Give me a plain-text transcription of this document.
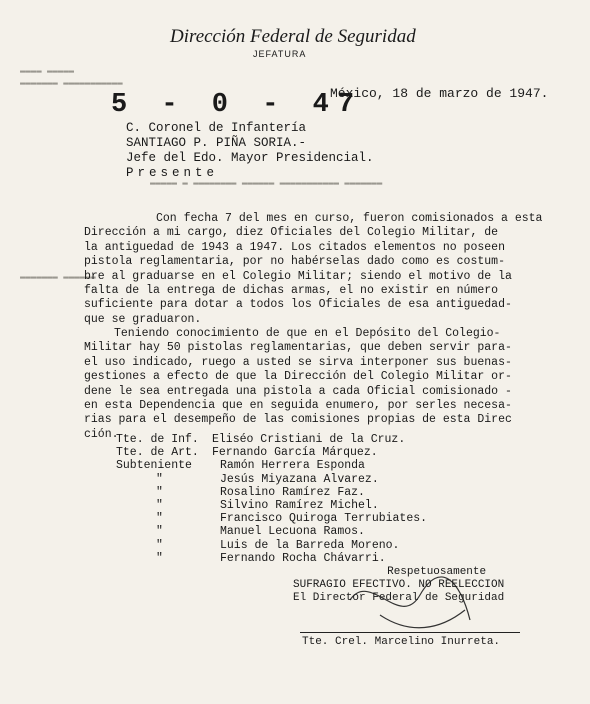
▬▬▬▬ ▬▬▬▬▬
▬▬▬▬▬▬▬ ▬▬▬▬▬▬▬▬▬▬▬
▬▬▬▬▬ ▬ ▬▬▬▬▬▬▬▬ ▬▬▬▬▬▬ ▬▬▬▬▬▬▬▬▬▬▬ ▬▬▬▬▬▬▬
▬▬▬▬▬▬▬ ▬▬▬▬▬▬
Dirección Federal de Seguridad
JEFATURA
5 - 0 - 47
México, 18 de marzo de 1947.
C. Coronel de Infantería
SANTIAGO P. PIÑA SORIA.-
Jefe del Edo. Mayor Presidencial.
Presente
Con fecha 7 del mes en curso, fueron comisionados a esta
Dirección a mi cargo, diez Oficiales del Colegio Militar, de
la antiguedad de 1943 a 1947. Los citados elementos no poseen
pistola reglamentaria, por no habérselas dado como es costum-
bre al graduarse en el Colegio Militar; siendo el motivo de la
falta de la entrega de dichas armas, el no existir en número
suficiente para dotar a todos los Oficiales de esa antiguedad-
que se graduaron.
Teniendo conocimiento de que en el Depósito del Colegio-
Militar hay 50 pistolas reglamentarias, que deben servir para-
el uso indicado, ruego a usted se sirva interponer sus buenas-
gestiones a efecto de que la Dirección del Colegio Militar or-
dene le sea entregada una pistola a cada Oficial comisionado -
en esta Dependencia que en seguida enumero, por serles necesa-
rias para el desempeño de las comisiones propias de esta Direc
ción.
Tte. de Inf.	Eliséo Cristiani de la Cruz.
Tte. de Art.	Fernando García Márquez.
Subteniente	Ramón Herrera Esponda
"	Jesús Miyazana Alvarez.
"	Rosalino Ramírez Faz.
"	Silvino Ramírez Michel.
"	Francisco Quiroga Terrubiates.
"	Manuel Lecuona Ramos.
"	Luis de la Barreda Moreno.
"	Fernando Rocha Chávarri.
Respetuosamente
SUFRAGIO EFECTIVO. NO REELECCION
El Director Federal de Seguridad
Tte. Crel. Marcelino Inurreta.
